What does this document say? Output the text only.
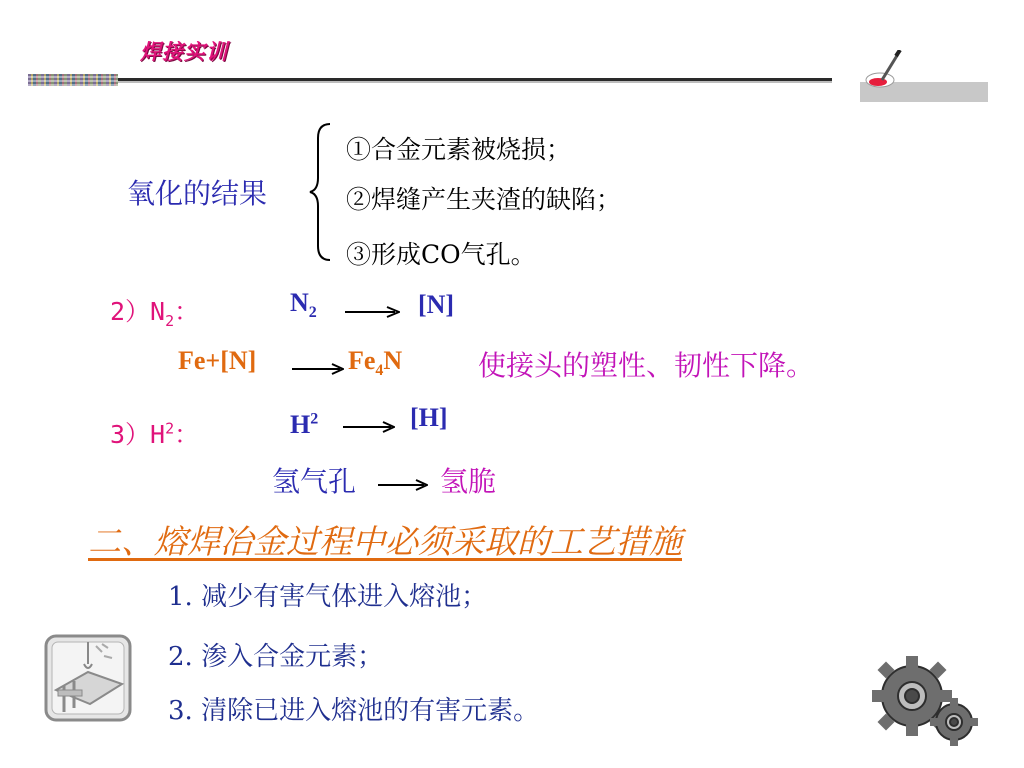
焊接实训
氧化的结果
①合金元素被烧损；
②焊缝产生夹渣的缺陷；
③形成CO气孔。
$2)N_2$：	$N_2 \to [N]$
$Fe+[N] \to Fe_4N$	使接头的塑性、韧性下降。
$3)H^2$：	$H^2 \to [H]$
氢气孔 → 氢脆
二、熔焊冶金过程中必须采取的工艺措施
1. 减少有害气体进入熔池；
2. 渗入合金元素；
3. 清除已进入熔池的有害元素。
